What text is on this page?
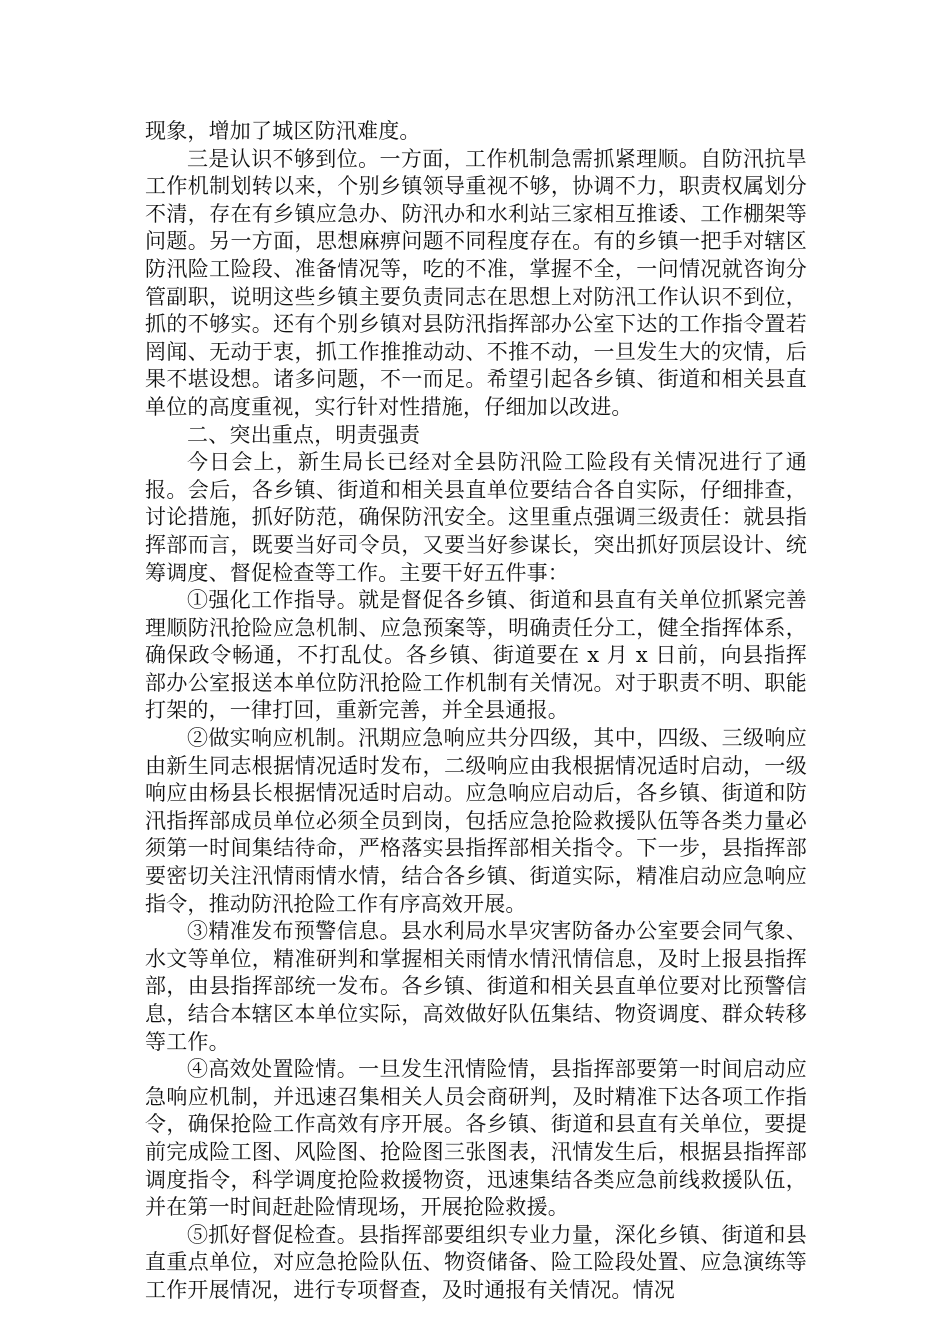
现象，增加了城区防汛难度。

三是认识不够到位。一方面，工作机制急需抓紧理顺。自防汛抗旱工作机制划转以来，个别乡镇领导重视不够，协调不力，职责权属划分不清，存在有乡镇应急办、防汛办和水利站三家相互推诿、工作棚架等问题。另一方面，思想麻痹问题不同程度存在。有的乡镇一把手对辖区防汛险工险段、准备情况等，吃的不准，掌握不全，一问情况就咨询分管副职，说明这些乡镇主要负责同志在思想上对防汛工作认识不到位，抓的不够实。还有个别乡镇对县防汛指挥部办公室下达的工作指令置若罔闻、无动于衷，抓工作推推动动、不推不动，一旦发生大的灾情，后果不堪设想。诸多问题，不一而足。希望引起各乡镇、街道和相关县直单位的高度重视，实行针对性措施，仔细加以改进。

二、突出重点，明责强责

今日会上，新生局长已经对全县防汛险工险段有关情况进行了通报。会后，各乡镇、街道和相关县直单位要结合各自实际，仔细排查，讨论措施，抓好防范，确保防汛安全。这里重点强调三级责任：就县指挥部而言，既要当好司令员，又要当好参谋长，突出抓好顶层设计、统筹调度、督促检查等工作。主要干好五件事：

①强化工作指导。就是督促各乡镇、街道和县直有关单位抓紧完善理顺防汛抢险应急机制、应急预案等，明确责任分工，健全指挥体系，确保政令畅通，不打乱仗。各乡镇、街道要在 x 月 x 日前，向县指挥部办公室报送本单位防汛抢险工作机制有关情况。对于职责不明、职能打架的，一律打回，重新完善，并全县通报。

②做实响应机制。汛期应急响应共分四级，其中，四级、三级响应由新生同志根据情况适时发布，二级响应由我根据情况适时启动，一级响应由杨县长根据情况适时启动。应急响应启动后，各乡镇、街道和防汛指挥部成员单位必须全员到岗，包括应急抢险救援队伍等各类力量必须第一时间集结待命，严格落实县指挥部相关指令。下一步，县指挥部要密切关注汛情雨情水情，结合各乡镇、街道实际，精准启动应急响应指令，推动防汛抢险工作有序高效开展。

③精准发布预警信息。县水利局水旱灾害防备办公室要会同气象、水文等单位，精准研判和掌握相关雨情水情汛情信息，及时上报县指挥部，由县指挥部统一发布。各乡镇、街道和相关县直单位要对比预警信息，结合本辖区本单位实际，高效做好队伍集结、物资调度、群众转移等工作。

④高效处置险情。一旦发生汛情险情，县指挥部要第一时间启动应急响应机制，并迅速召集相关人员会商研判，及时精准下达各项工作指令，确保抢险工作高效有序开展。各乡镇、街道和县直有关单位，要提前完成险工图、风险图、抢险图三张图表，汛情发生后，根据县指挥部调度指令，科学调度抢险救援物资，迅速集结各类应急前线救援队伍，并在第一时间赶赴险情现场，开展抢险救援。

⑤抓好督促检查。县指挥部要组织专业力量，深化乡镇、街道和县直重点单位，对应急抢险队伍、物资储备、险工险段处置、应急演练等工作开展情况，进行专项督查，及时通报有关情况。情况
